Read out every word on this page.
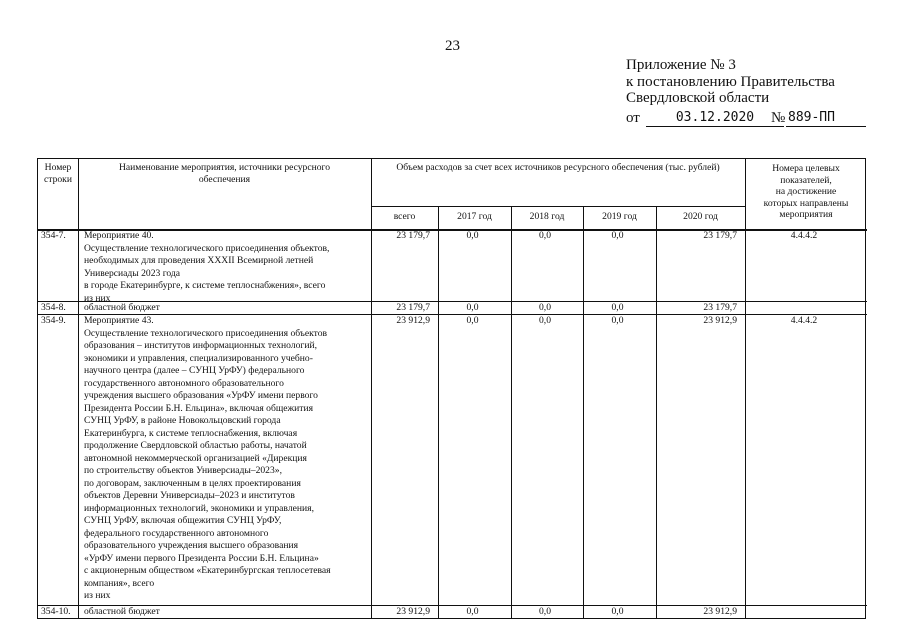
23
Приложение № 3
к постановлению Правительства
Свердловской области
от	03.12.2020	№ 889-ПП
Номер
строки
Наименование мероприятия, источники ресурсного
обеспечения
Объем расходов за счет всех источников ресурсного обеспечения (тыс. рублей)
всего	2017 год	2018 год	2019 год	2020 год
Номера целевых
показателей,
на достижение
которых направлены
мероприятия
354-7. Мероприятие 40.
Осуществление технологического присоединения объектов,
необходимых для проведения XXXII Всемирной летней
Универсиады 2023 года
в городе Екатеринбурге, к системе теплоснабжения», всего
из них
23 179,7	0,0	0,0	0,0	23 179,7	4.4.4.2
354-8. областной бюджет	23 179,7	0,0	0,0	0,0	23 179,7
354-9. Мероприятие 43.
Осуществление технологического присоединения объектов
образования – институтов информационных технологий,
экономики и управления, специализированного учебно-
научного центра (далее – СУНЦ УрФУ) федерального
государственного автономного образовательного
учреждения высшего образования «УрФУ имени первого
Президента России Б.Н. Ельцина», включая общежития
СУНЦ УрФУ, в районе Новокольцовский города
Екатеринбурга, к системе теплоснабжения, включая
продолжение Свердловской областью работы, начатой
автономной некоммерческой организацией «Дирекция
по строительству объектов Универсиады–2023»,
по договорам, заключенным в целях проектирования
объектов Деревни Универсиады–2023 и институтов
информационных технологий, экономики и управления,
СУНЦ УрФУ, включая общежития СУНЦ УрФУ,
федерального государственного автономного
образовательного учреждения высшего образования
«УрФУ имени первого Президента России Б.Н. Ельцина»
с акционерным обществом «Екатеринбургская теплосетевая
компания», всего
из них
23 912,9	0,0	0,0	0,0	23 912,9	4.4.4.2
354-10. областной бюджет	23 912,9	0,0	0,0	0,0	23 912,9
